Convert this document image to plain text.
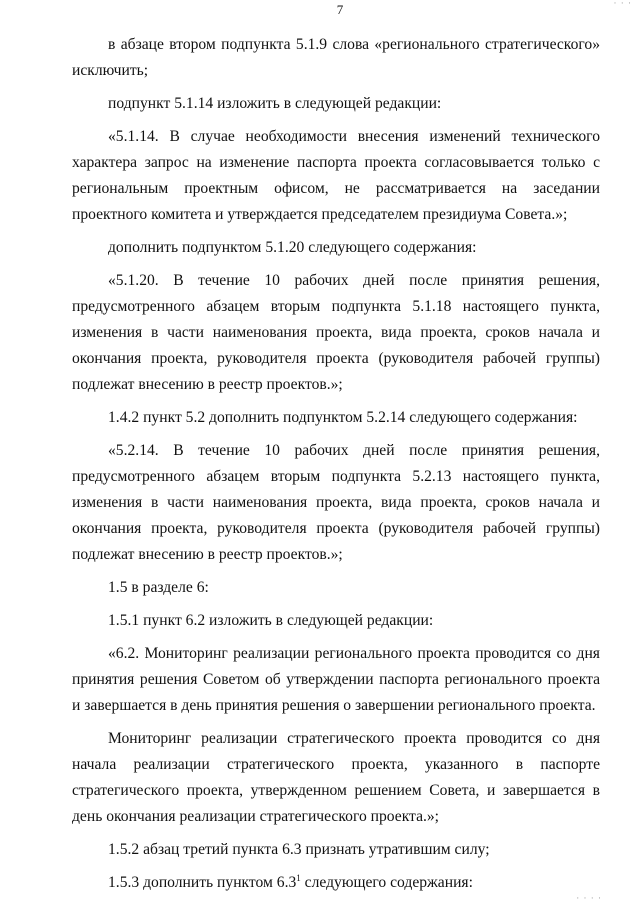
· · ·
7

в абзаце втором подпункта 5.1.9 слова «регионального стратегического» исключить;

подпункт 5.1.14 изложить в следующей редакции:

«5.1.14. В случае необходимости внесения изменений технического характера запрос на изменение паспорта проекта согласовывается только с региональным проектным офисом, не рассматривается на заседании проектного комитета и утверждается председателем президиума Совета.»;

дополнить подпунктом 5.1.20 следующего содержания:

«5.1.20. В течение 10 рабочих дней после принятия решения, предусмотренного абзацем вторым подпункта 5.1.18 настоящего пункта, изменения в части наименования проекта, вида проекта, сроков начала и окончания проекта, руководителя проекта (руководителя рабочей группы) подлежат внесению в реестр проектов.»;

1.4.2 пункт 5.2 дополнить подпунктом 5.2.14 следующего содержания:

«5.2.14. В течение 10 рабочих дней после принятия решения, предусмотренного абзацем вторым подпункта 5.2.13 настоящего пункта, изменения в части наименования проекта, вида проекта, сроков начала и окончания проекта, руководителя проекта (руководителя рабочей группы) подлежат внесению в реестр проектов.»;

1.5 в разделе 6:

1.5.1 пункт 6.2 изложить в следующей редакции:

«6.2. Мониторинг реализации регионального проекта проводится со дня принятия решения Советом об утверждении паспорта регионального проекта и завершается в день принятия решения о завершении регионального проекта.

Мониторинг реализации стратегического проекта проводится со дня начала реализации стратегического проекта, указанного в паспорте стратегического проекта, утвержденном решением Совета, и завершается в день окончания реализации стратегического проекта.»;

1.5.2 абзац третий пункта 6.3 признать утратившим силу;

1.5.3 дополнить пунктом $6.3^1$ следующего содержания:

· · · ·
